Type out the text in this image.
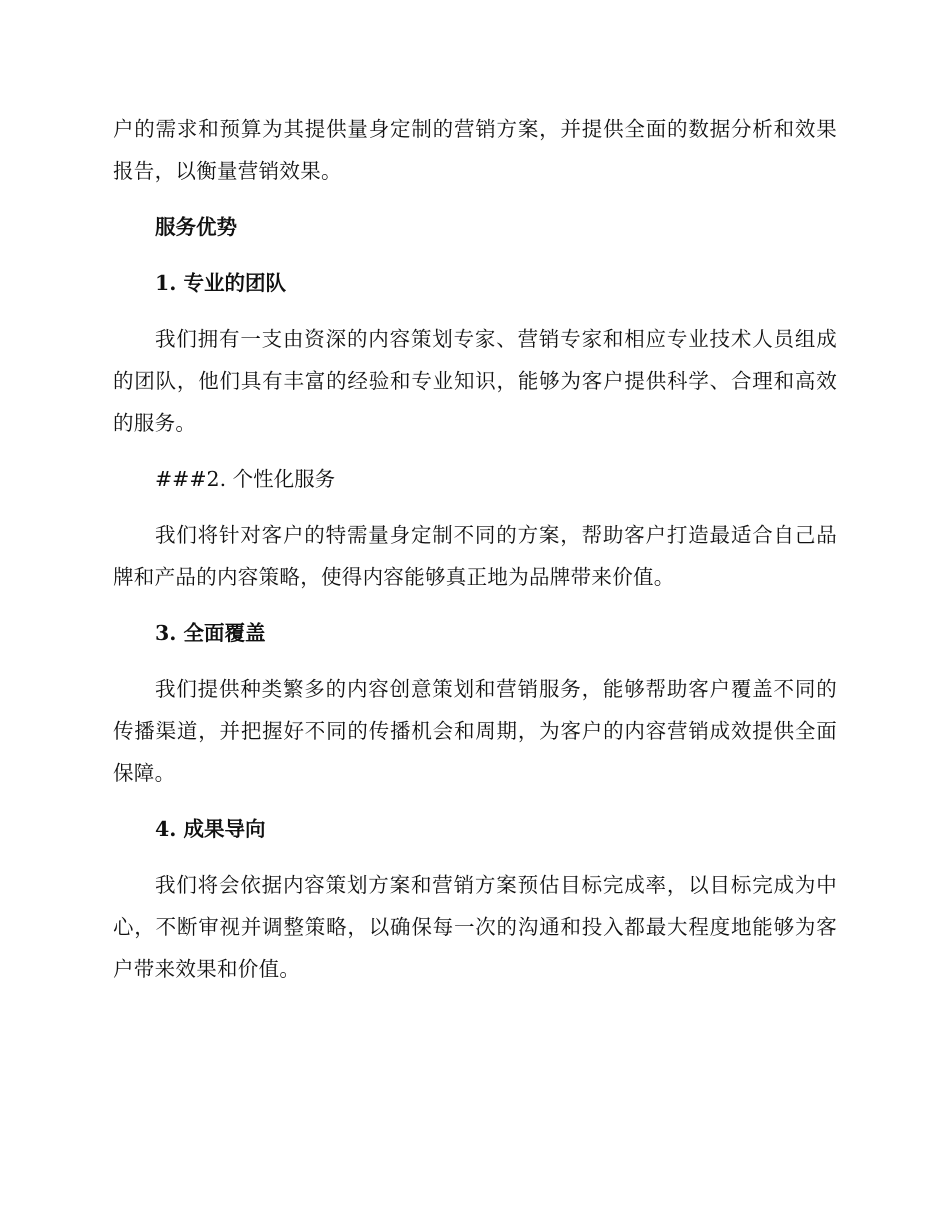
户的需求和预算为其提供量身定制的营销方案，并提供全面的数据分析和效果报告，以衡量营销效果。

服务优势

1. 专业的团队

我们拥有一支由资深的内容策划专家、营销专家和相应专业技术人员组成的团队，他们具有丰富的经验和专业知识，能够为客户提供科学、合理和高效的服务。

###2. 个性化服务

我们将针对客户的特需量身定制不同的方案，帮助客户打造最适合自己品牌和产品的内容策略，使得内容能够真正地为品牌带来价值。

3. 全面覆盖

我们提供种类繁多的内容创意策划和营销服务，能够帮助客户覆盖不同的传播渠道，并把握好不同的传播机会和周期，为客户的内容营销成效提供全面保障。

4. 成果导向

我们将会依据内容策划方案和营销方案预估目标完成率，以目标完成为中心，不断审视并调整策略，以确保每一次的沟通和投入都最大程度地能够为客户带来效果和价值。
